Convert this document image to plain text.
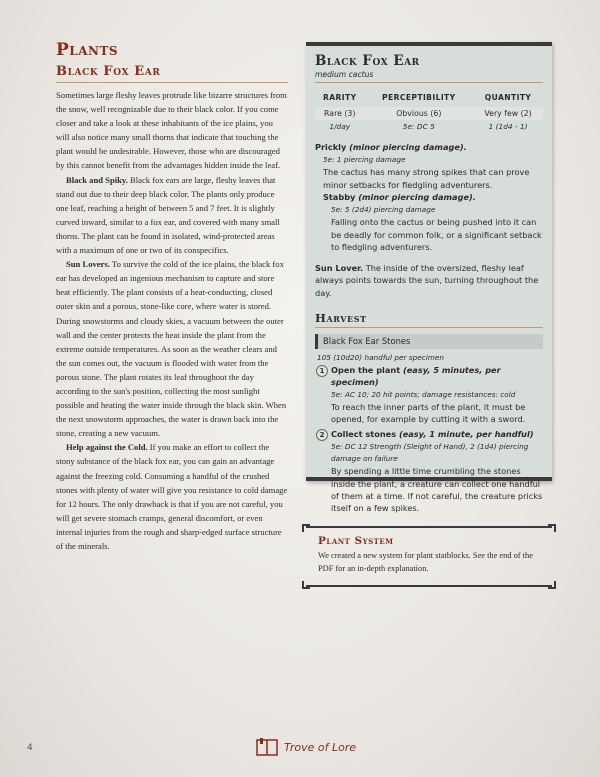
Plants
Black Fox Ear

Sometimes large fleshy leaves protrude like bizarre structures from the snow, well recognizable due to their black color. If you come closer and take a look at these inhabitants of the ice plains, you will also notice many small thorns that indicate that touching the plant would be undesirable. However, those who are discouraged by this cannot benefit from the advantages hidden inside the leaf.

Black and Spiky. Black fox ears are large, fleshy leaves that stand out due to their deep black color. The plants only produce one leaf, reaching a height of between 5 and 7 feet. It is slightly curved inward, similar to a fox ear, and covered with many small thorns. The plant can be found in isolated, wind-protected areas with a maximum of one or two of its conspecifics.

Sun Lovers. To survive the cold of the ice plains, the black fox ear has developed an ingenious mechanism to capture and store heat efficiently. The plant consists of a heat-conducting, closed outer skin and a porous, stone-like core, where water is stored. During snowstorms and cloudy skies, a vacuum between the outer wall and the center protects the heat inside the plant from the extreme outside temperatures. As soon as the weather clears and the sun comes out, the vacuum is flooded with water from the porous stone. The plant rotates its leaf throughout the day according to the sun's position, collecting the most sunlight possible and heating the water inside through the black skin. When the next snowstorm approaches, the water is drawn back into the stone, creating a new vacuum.

Help against the Cold. If you make an effort to collect the stony substance of the black fox ear, you can gain an advantage against the freezing cold. Consuming a handful of the crushed stones with plenty of water will give you resistance to cold damage for 12 hours. The only drawback is that if you are not careful, you will get severe stomach cramps, general discomfort, or even internal injuries from the rough and sharp-edged surface structure of the minerals.

Black Fox Ear

medium cactus

RARITY	PERCEPTIBILITY	QUANTITY
Rare (3)	Obvious (6)	Very few (2)
1/day	5e: DC 5	1 (1d4 - 1)
Prickly (minor piercing damage).
5e: 1 piercing damage
The cactus has many strong spikes that can prove minor setbacks for fledgling adventurers.
Stabby (minor piercing damage).
5e: 5 (2d4) piercing damage
Falling onto the cactus or being pushed into it can be deadly for common folk, or a significant setback to fledgling adventurers.
Sun Lover. The inside of the oversized, fleshy leaf always points towards the sun, turning throughout the day.
Harvest
Black Fox Ear Stones
105 (10d20) handful per specimen
1 Open the plant (easy, 5 minutes, per specimen)
5e: AC 10; 20 hit points; damage resistances: cold
To reach the inner parts of the plant, it must be opened, for example by cutting it with a sword.
2 Collect stones (easy, 1 minute, per handful)
5e: DC 12 Strength (Sleight of Hand), 2 (1d4) piercing damage on failure
By spending a little time crumbling the stones inside the plant, a creature can collect one handful of them at a time. If not careful, the creature pricks itself on a few spikes.
Plant System

We created a new system for plant statblocks. See the end of the PDF for an in-depth explanation.

4	Trove of Lore
